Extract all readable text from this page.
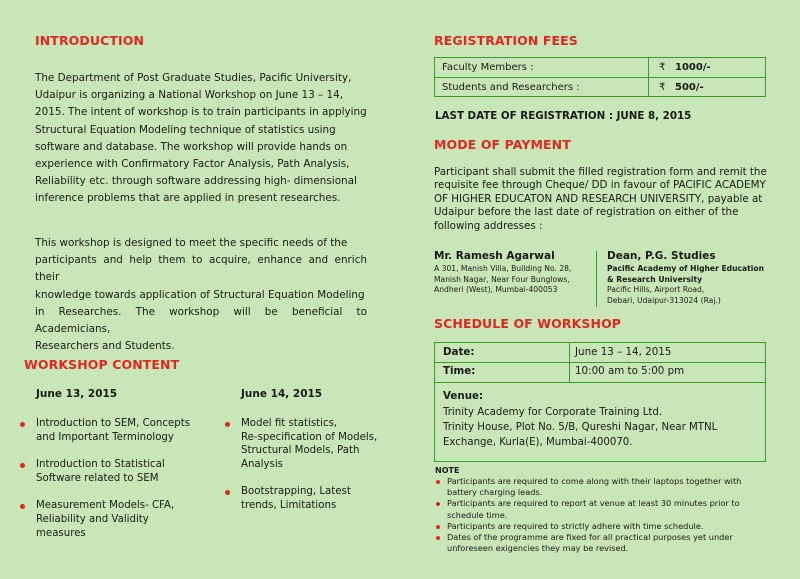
INTRODUCTION
The Department of Post Graduate Studies, Pacific University,
Udaipur is organizing a National Workshop on June 13 – 14,
2015. The intent of workshop is to train participants in applying
Structural Equation Modeling technique of statistics using
software and database. The workshop will provide hands on
experience with Confirmatory Factor Analysis, Path Analysis,
Reliability etc. through software addressing high- dimensional
inference problems that are applied in present researches.
This workshop is designed to meet the specific needs of the
participants and help them to acquire, enhance and enrich their
knowledge towards application of Structural Equation Modeling
in Researches. The workshop will be beneficial to Academicians,
Researchers and Students.
WORKSHOP CONTENT
June 13, 2015
Introduction to SEM, Concepts
and Important Terminology
Introduction to Statistical
Software related to SEM
Measurement Models- CFA,
Reliability and Validity
measures
June 14, 2015
Model fit statistics,
Re-specification of Models,
Structural Models, Path
Analysis
Bootstrapping, Latest
trends, Limitations
REGISTRATION FEES
Faculty Members :	₹ 1000/-
Students and Researchers :	₹ 500/-
LAST DATE OF REGISTRATION : JUNE 8, 2015
MODE OF PAYMENT
Participant shall submit the filled registration form and remit the
requisite fee through Cheque/ DD in favour of PACIFIC ACADEMY
OF HIGHER EDUCATON AND RESEARCH UNIVERSITY, payable at
Udaipur before the last date of registration on either of the
following addresses :
Mr. Ramesh Agarwal
A 301, Manish Villa, Building No. 28,
Manish Nagar, Near Four Bunglows,
Andheri (West), Mumbai-400053
Dean, P.G. Studies
Pacific Academy of Higher Education
& Research University
Pacific Hills, Airport Road,
Debari, Udaipur-313024 (Raj.)
SCHEDULE OF WORKSHOP
Date:	June 13 – 14, 2015
Time:	10:00 am to 5:00 pm
Venue:
Trinity Academy for Corporate Training Ltd.
Trinity House, Plot No. 5/B, Qureshi Nagar, Near MTNL
Exchange, Kurla(E), Mumbai-400070.
NOTE
Participants are required to come along with their laptops together with
battery charging leads.
Participants are required to report at venue at least 30 minutes prior to
schedule time.
Participants are required to strictly adhere with time schedule.
Dates of the programme are fixed for all practical purposes yet under
unforeseen exigencies they may be revised.
